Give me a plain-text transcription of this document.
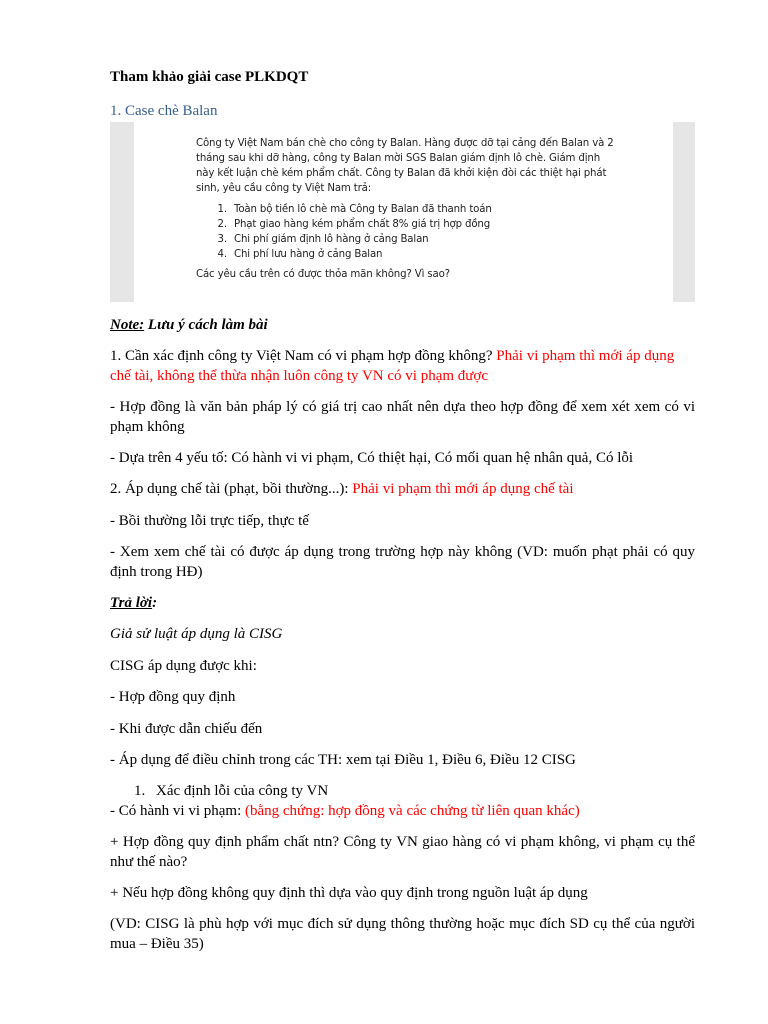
Tham khảo giải case PLKDQT
1. Case chè Balan

Công ty Việt Nam bán chè cho công ty Balan. Hàng được dỡ tại cảng đến Balan và 2 tháng sau khi dỡ hàng, công ty Balan mời SGS Balan giám định lô chè. Giám định này kết luận chè kém phẩm chất. Công ty Balan đã khởi kiện đòi các thiệt hại phát sinh, yêu cầu công ty Việt Nam trả:

1. Toàn bộ tiền lô chè mà Công ty Balan đã thanh toán
2. Phạt giao hàng kém phẩm chất 8% giá trị hợp đồng
3. Chi phí giám định lô hàng ở cảng Balan
4. Chi phí lưu hàng ở cảng Balan

Các yêu cầu trên có được thỏa mãn không? Vì sao?

Note: Lưu ý cách làm bài
1. Cần xác định công ty Việt Nam có vi phạm hợp đồng không? Phải vi phạm thì mới áp dụng chế tài, không thể thừa nhận luôn công ty VN có vi phạm được
- Hợp đồng là văn bản pháp lý có giá trị cao nhất nên dựa theo hợp đồng để xem xét xem có vi phạm không
- Dựa trên 4 yếu tố: Có hành vi vi phạm, Có thiệt hại, Có mối quan hệ nhân quả, Có lỗi
2. Áp dụng chế tài (phạt, bồi thường...): Phải vi phạm thì mới áp dụng chế tài
- Bồi thường lỗi trực tiếp, thực tế
- Xem xem chế tài có được áp dụng trong trường hợp này không (VD: muốn phạt phải có quy định trong HĐ)
Trả lời:
Giả sử luật áp dụng là CISG
CISG áp dụng được khi:
- Hợp đồng quy định
- Khi được dẫn chiếu đến
- Áp dụng để điều chỉnh trong các TH: xem tại Điều 1, Điều 6, Điều 12 CISG
1. Xác định lỗi của công ty VN
- Có hành vi vi phạm: (bằng chứng: hợp đồng và các chứng từ liên quan khác)
+ Hợp đồng quy định phẩm chất ntn? Công ty VN giao hàng có vi phạm không, vi phạm cụ thể như thế nào?
+ Nếu hợp đồng không quy định thì dựa vào quy định trong nguồn luật áp dụng
(VD: CISG là phù hợp với mục đích sử dụng thông thường hoặc mục đích SD cụ thể của người mua – Điều 35)
